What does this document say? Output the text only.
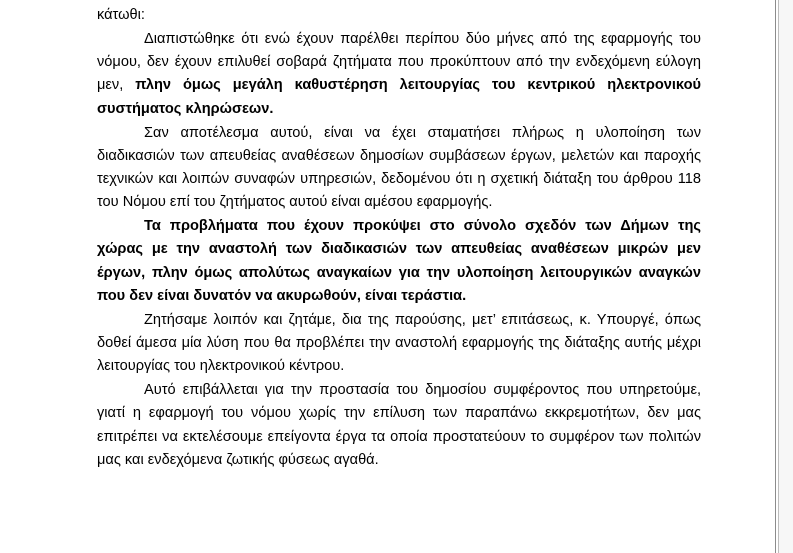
κάτωθι:

Διαπιστώθηκε ότι ενώ έχουν παρέλθει περίπου δύο μήνες από της εφαρμογής του νόμου, δεν έχουν επιλυθεί σοβαρά ζητήματα που προκύπτουν από την ενδεχόμενη εύλογη μεν, πλην όμως μεγάλη καθυστέρηση λειτουργίας του κεντρικού ηλεκτρονικού συστήματος κληρώσεων.

Σαν αποτέλεσμα αυτού, είναι να έχει σταματήσει πλήρως η υλοποίηση των διαδικασιών των απευθείας αναθέσεων δημοσίων συμβάσεων έργων, μελετών και παροχής τεχνικών και λοιπών συναφών υπηρεσιών, δεδομένου ότι η σχετική διάταξη του άρθρου 118 του Νόμου επί του ζητήματος αυτού είναι αμέσου εφαρμογής.

Τα προβλήματα που έχουν προκύψει στο σύνολο σχεδόν των Δήμων της χώρας με την αναστολή των διαδικασιών των απευθείας αναθέσεων μικρών μεν έργων, πλην όμως απολύτως αναγκαίων για την υλοποίηση λειτουργικών αναγκών που δεν είναι δυνατόν να ακυρωθούν, είναι τεράστια.

Ζητήσαμε λοιπόν και ζητάμε, δια της παρούσης, μετ’ επιτάσεως, κ. Υπουργέ, όπως δοθεί άμεσα μία λύση που θα προβλέπει την αναστολή εφαρμογής της διάταξης αυτής μέχρι λειτουργίας του ηλεκτρονικού κέντρου.

Αυτό επιβάλλεται για την προστασία του δημοσίου συμφέροντος που υπηρετούμε, γιατί η εφαρμογή του νόμου χωρίς την επίλυση των παραπάνω εκκρεμοτήτων, δεν μας επιτρέπει να εκτελέσουμε επείγοντα έργα τα οποία προστατεύουν το συμφέρον των πολιτών μας και ενδεχόμενα ζωτικής φύσεως αγαθά.
